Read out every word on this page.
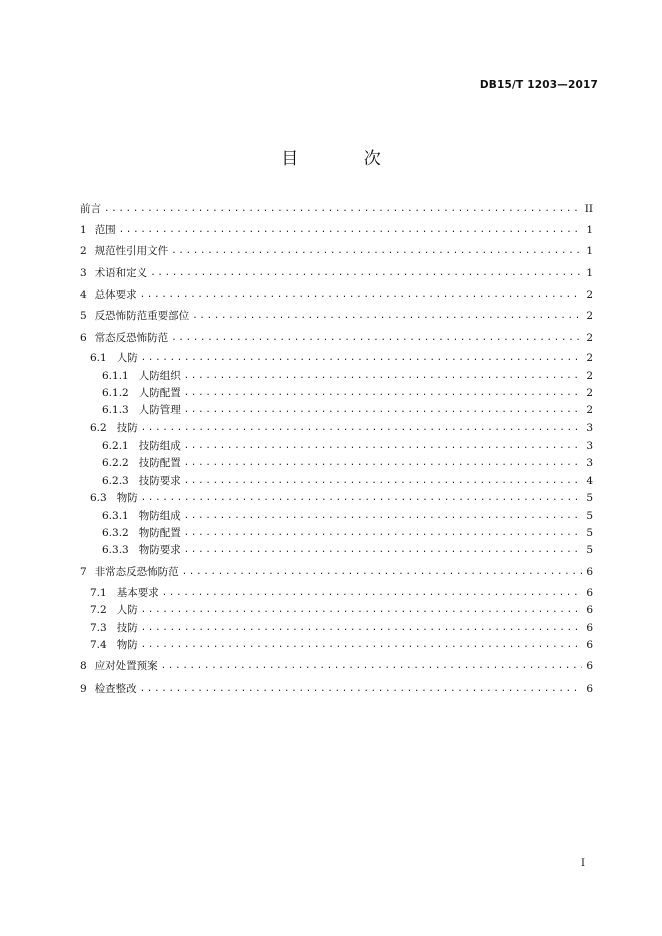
DB15/T 1203—2017
目 次
前言 .....	II
1 范围 .....	1
2 规范性引用文件 .....	1
3 术语和定义 .....	1
4 总体要求 .....	2
5 反恐怖防范重要部位 .....	2
6 常态反恐怖防范 .....	2
6.1 人防 .....	2
6.1.1 人防组织 .....	2
6.1.2 人防配置 .....	2
6.1.3 人防管理 .....	2
6.2 技防 .....	3
6.2.1 技防组成 .....	3
6.2.2 技防配置 .....	3
6.2.3 技防要求 .....	4
6.3 物防 .....	5
6.3.1 物防组成 .....	5
6.3.2 物防配置 .....	5
6.3.3 物防要求 .....	5
7 非常态反恐怖防范 .....	6
7.1 基本要求 .....	6
7.2 人防 .....	6
7.3 技防 .....	6
7.4 物防 .....	6
8 应对处置预案 .....	6
9 检查整改 .....	6
I
